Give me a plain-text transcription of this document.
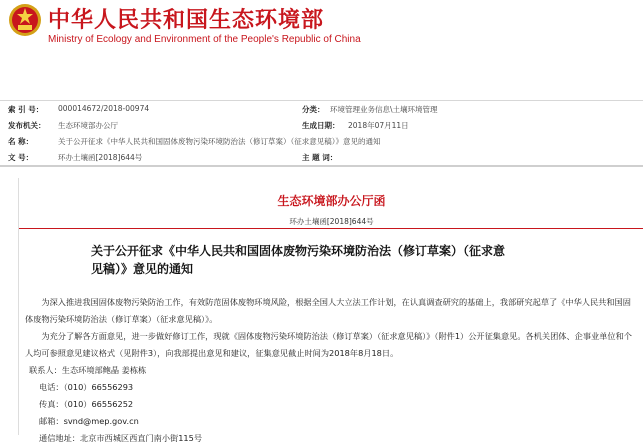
中华人民共和国生态环境部
Ministry of Ecology and Environment of the People's Republic of China
索 引 号： 000014672/2018-00974	分类： 环境管理业务信息\土壤环境管理
发布机关： 生态环境部办公厅	生成日期： 2018年07月11日
名 称：	关于公开征求《中华人民共和国固体废物污染环境防治法（修订草案）（征求意见稿）》意见的通知
文 号：	环办土壤函[2018]644号	主 题 词：
生态环境部办公厅函
环办土壤函[2018]644号
关于公开征求《中华人民共和国固体废物污染环境防治法（修订草案）（征求意
见稿）》意见的通知

为深入推进我国固体废物污染防治工作，有效防范固体废物环境风险，根据全国人大立法工作计划，在认真调查研究的基础上，我部研究起草了《中华人民共和国固体废物污染环境防治法（修订草案）（征求意见稿）》。

为充分了解各方面意见，进一步做好修订工作，现就《固体废物污染环境防治法（修订草案）（征求意见稿）》（附件1）公开征集意见。各机关团体、企事业单位和个人均可参照意见建议格式（见附件3），向我部提出意见和建议，征集意见截止时间为2018年8月18日。

联系人：生态环境部鲍晶 姜栋栋

电话：（010）66556293

传真：（010）66556252

邮箱：svnd@mep.gov.cn

通信地址：北京市西城区西直门南小街115号
